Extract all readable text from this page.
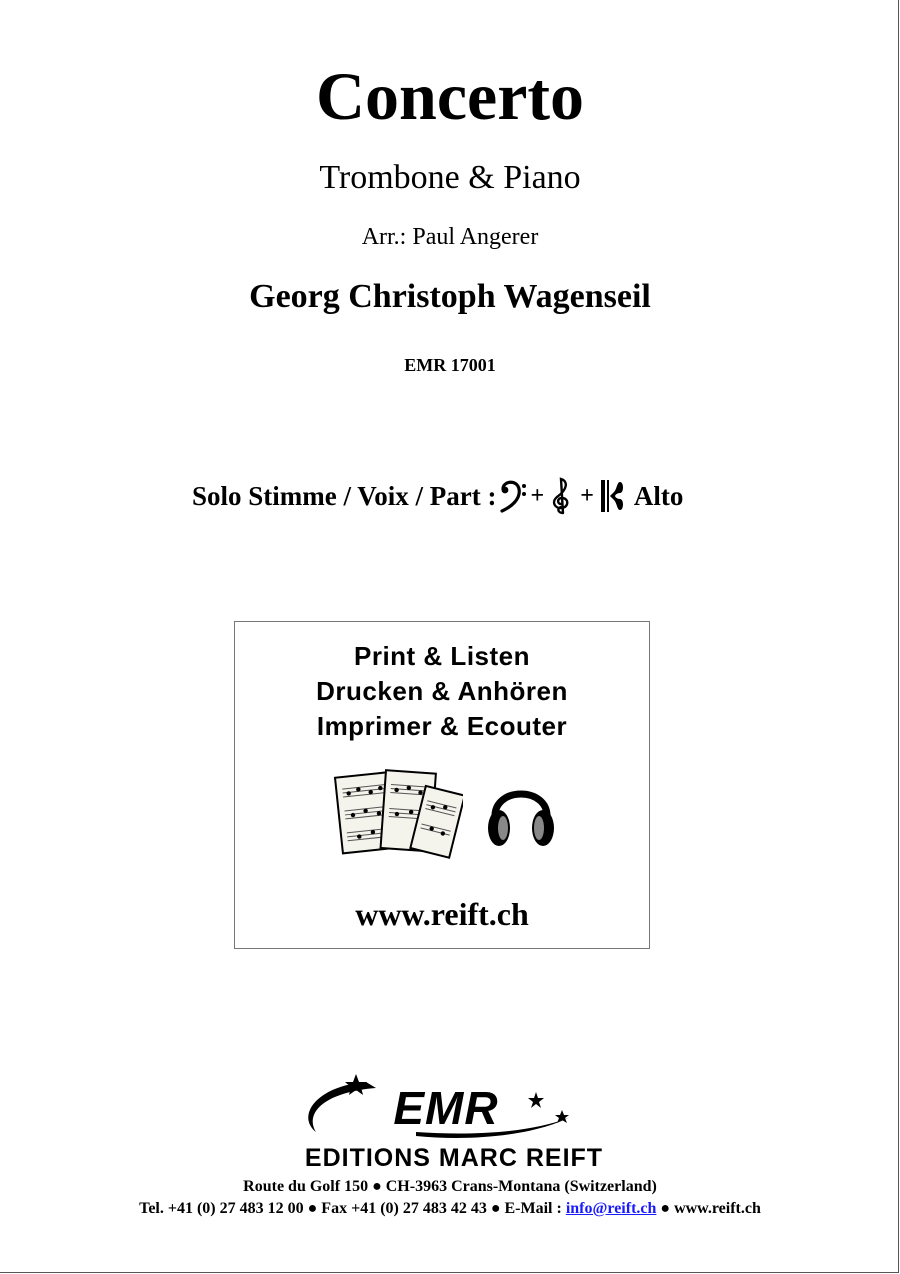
Concerto
Trombone & Piano
Arr.: Paul Angerer
Georg Christoph Wagenseil
EMR 17001
Solo Stimme / Voix / Part : + + Alto
Print & Listen
Drucken & Anhören
Imprimer & Ecouter
www.reift.ch
EMR
EDITIONS MARC REIFT
Route du Golf 150 ● CH-3963 Crans-Montana (Switzerland)
Tel. +41 (0) 27 483 12 00 ● Fax +41 (0) 27 483 42 43 ● E-Mail : info@reift.ch ● www.reift.ch
